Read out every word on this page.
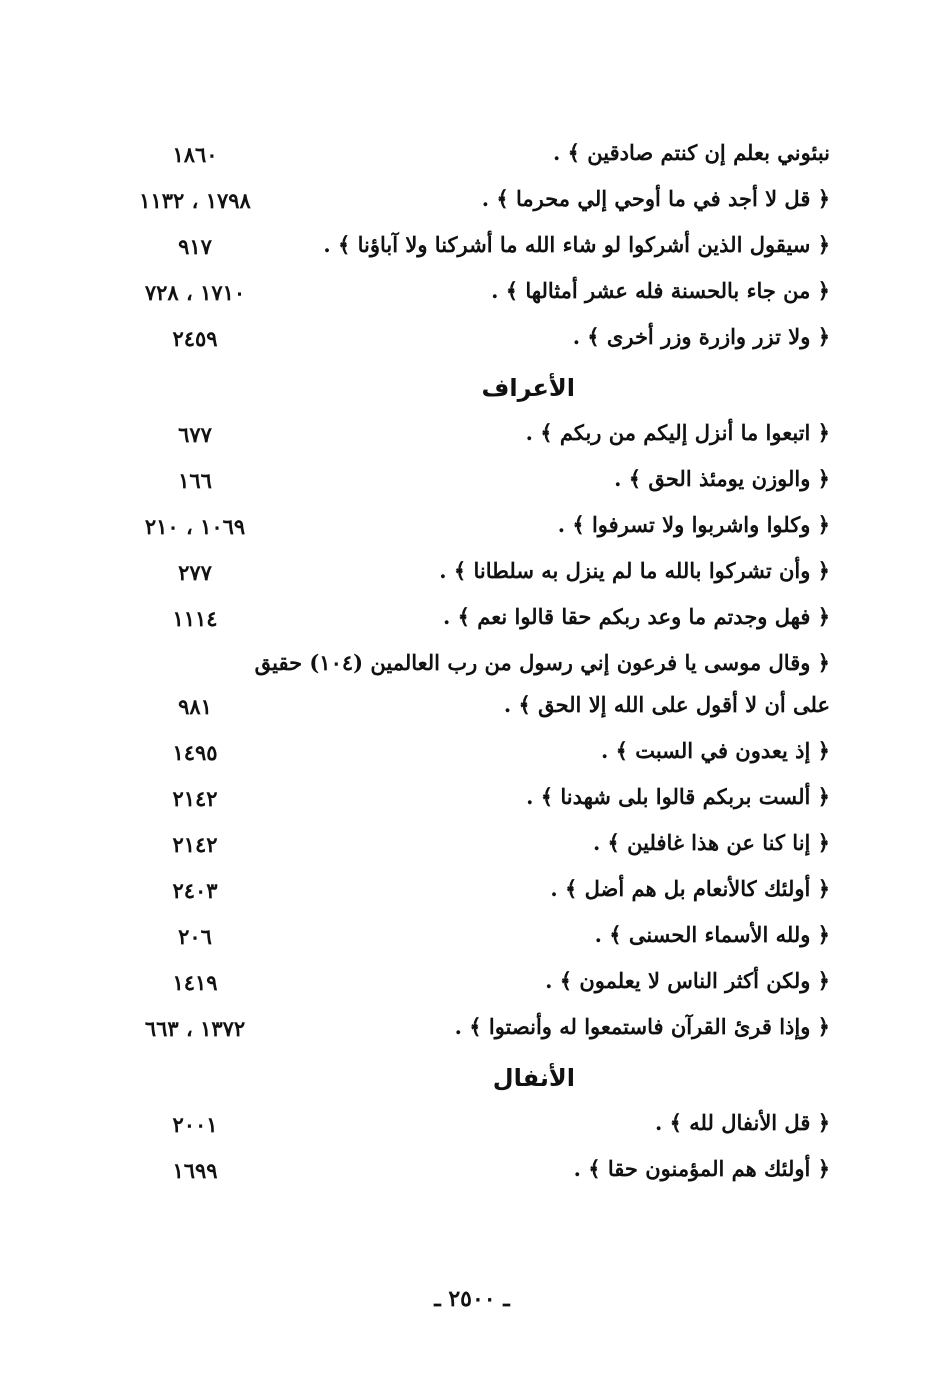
نبئوني بعلم إن كنتم صادقين ﴾ .
١٨٦٠
﴿ قل لا أجد في ما أوحي إلي محرما ﴾ .
١٧٩٨ ، ١١٣٢
﴿ سيقول الذين أشركوا لو شاء الله ما أشركنا ولا آباؤنا ﴾ .
٩١٧
﴿ من جاء بالحسنة فله عشر أمثالها ﴾ .
١٧١٠ ، ٧٢٨
﴿ ولا تزر وازرة وزر أخرى ﴾ .
٢٤٥٩
الأعراف
﴿ اتبعوا ما أنزل إليكم من ربكم ﴾ .
٦٧٧
﴿ والوزن يومئذ الحق ﴾ .
١٦٦
﴿ وكلوا واشربوا ولا تسرفوا ﴾ .
١٠٦٩ ، ٢١٠
﴿ وأن تشركوا بالله ما لم ينزل به سلطانا ﴾ .
٢٧٧
﴿ فهل وجدتم ما وعد ربكم حقا قالوا نعم ﴾ .
١١١٤
﴿ وقال موسى يا فرعون إني رسول من رب العالمين (١٠٤) حقيق
على أن لا أقول على الله إلا الحق ﴾ .
٩٨١
﴿ إذ يعدون في السبت ﴾ .
١٤٩٥
﴿ ألست بربكم قالوا بلى شهدنا ﴾ .
٢١٤٢
﴿ إنا كنا عن هذا غافلين ﴾ .
٢١٤٢
﴿ أولئك كالأنعام بل هم أضل ﴾ .
٢٤٠٣
﴿ ولله الأسماء الحسنى ﴾ .
٢٠٦
﴿ ولكن أكثر الناس لا يعلمون ﴾ .
١٤١٩
﴿ وإذا قرئ القرآن فاستمعوا له وأنصتوا ﴾ .
١٣٧٢ ، ٦٦٣
الأنفال
﴿ قل الأنفال لله ﴾ .
٢٠٠١
﴿ أولئك هم المؤمنون حقا ﴾ .
١٦٩٩
ـ ٢٥٠٠ ـ
